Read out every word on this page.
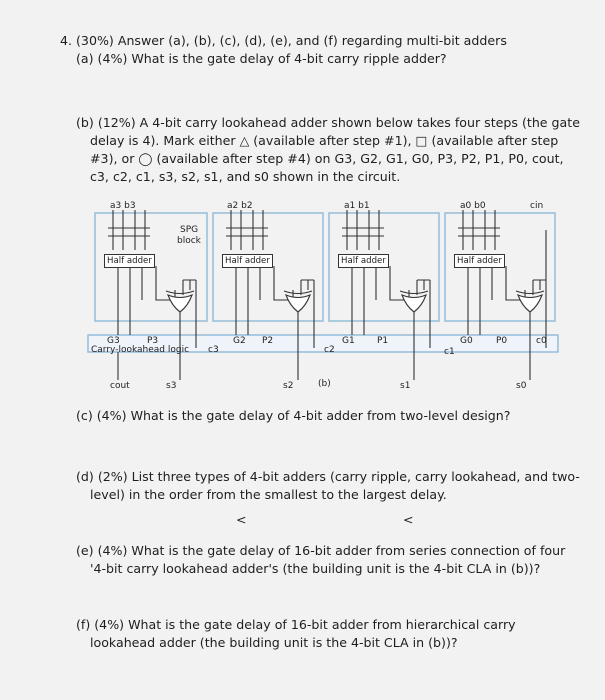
4. (30%) Answer (a), (b), (c), (d), (e), and (f) regarding multi-bit adders
(a) (4%) What is the gate delay of 4-bit carry ripple adder?
(b) (12%) A 4-bit carry lookahead adder shown below takes four steps (the gate
delay is 4). Mark either △ (available after step #1), □ (available after step
#3), or ◯ (available after step #4) on G3, G2, G1, G0, P3, P2, P1, P0, cout,
c3, c2, c1, s3, s2, s1, and s0 shown in the circuit.
a3 b3	a2 b2	a1 b1	a0 b0	cin
SPG
block
Half adder	Half adder	Half adder	Half adder
G3	P3
Carry-lookahead logic c3
G2 P2
c2
G1 P1
c1
G0	P0	c0
cout	s3	s2	(b)	s1	s0
(c) (4%) What is the gate delay of 4-bit adder from two-level design?
(d) (2%) List three types of 4-bit adders (carry ripple, carry lookahead, and two-
level) in the order from the smallest to the largest delay.
<	<
(e) (4%) What is the gate delay of 16-bit adder from series connection of four
'4-bit carry lookahead adder's (the building unit is the 4-bit CLA in (b))?
(f) (4%) What is the gate delay of 16-bit adder from hierarchical carry
lookahead adder (the building unit is the 4-bit CLA in (b))?
